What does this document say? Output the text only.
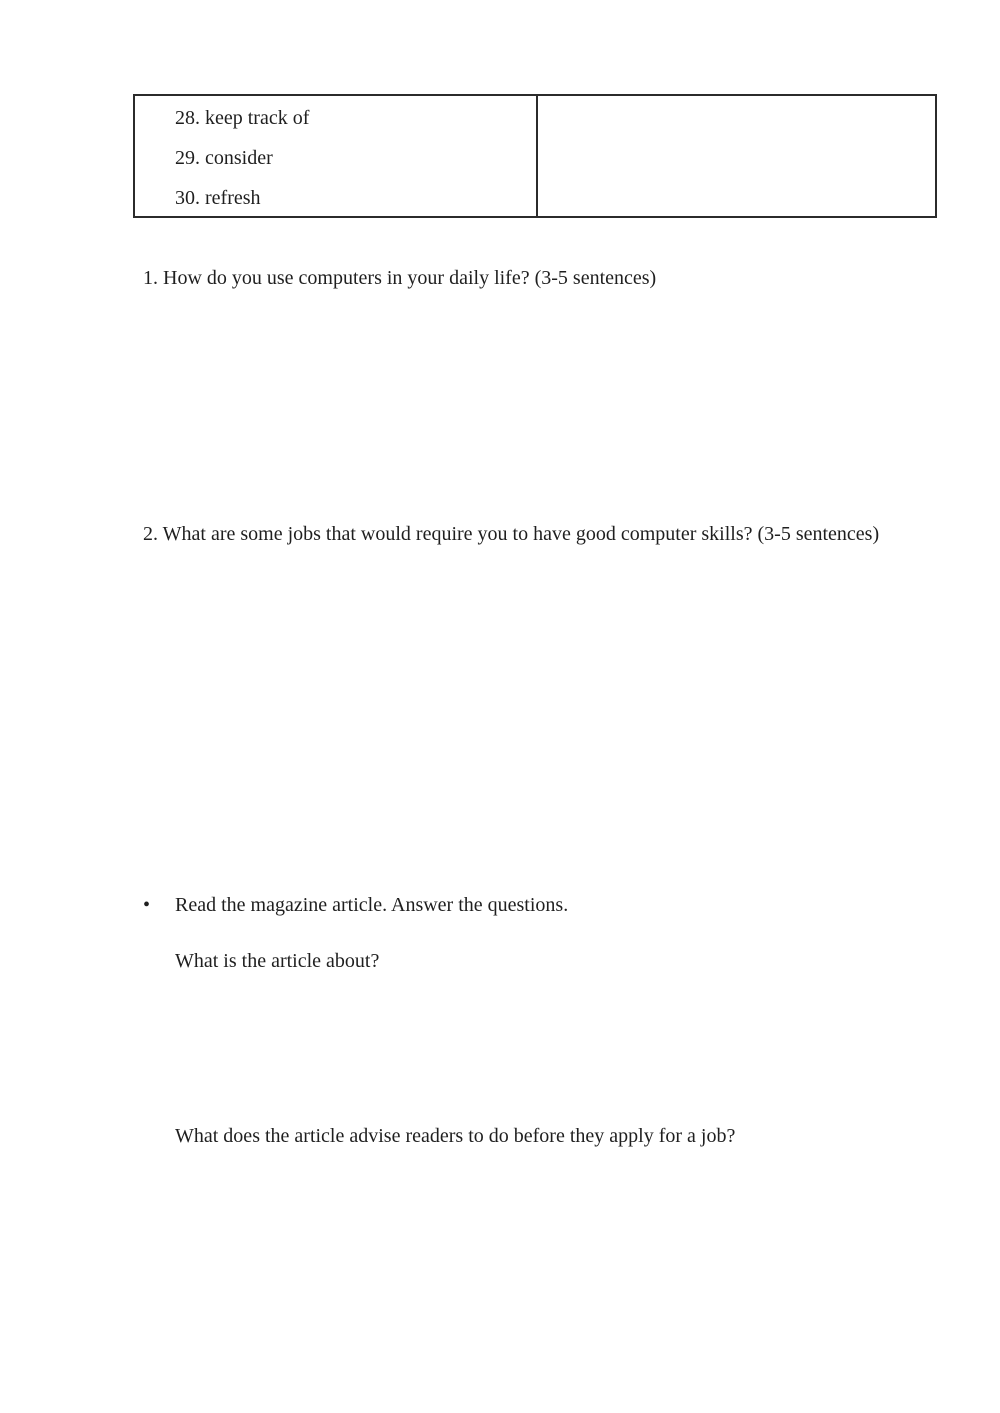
28. keep track of
29. consider
30. refresh
1. How do you use computers in your daily life? (3-5 sentences)
2. What are some jobs that would require you to have good computer skills? (3-5 sentences)
•	Read the magazine article. Answer the questions.
What is the article about?
What does the article advise readers to do before they apply for a job?
